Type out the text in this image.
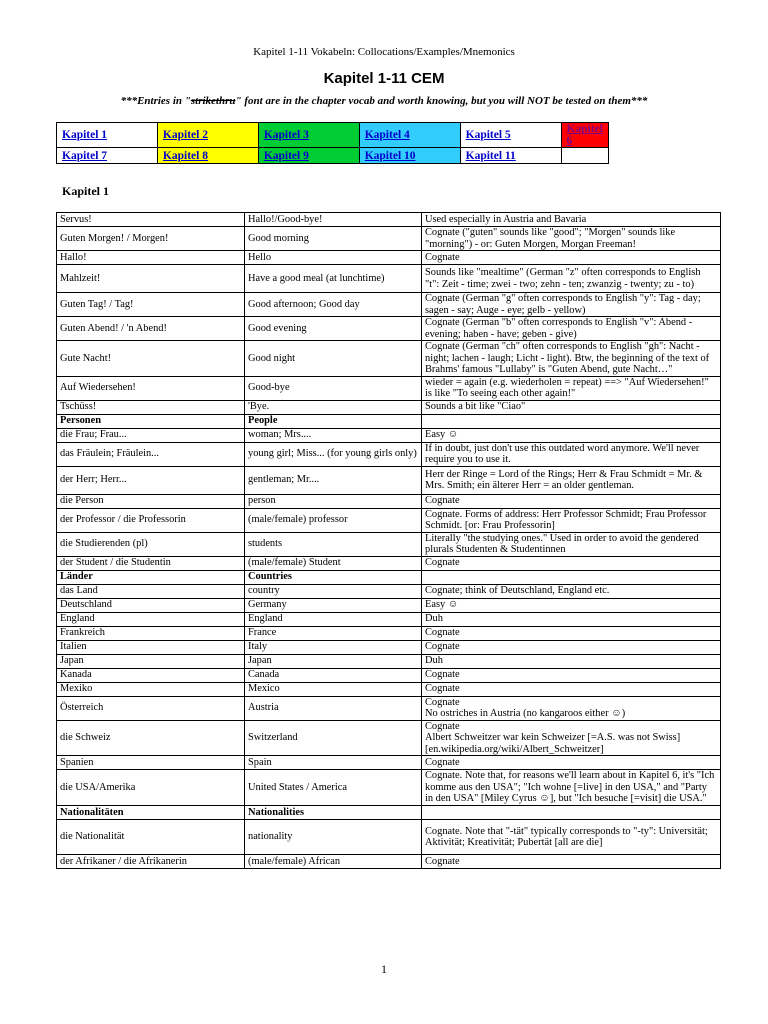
Kapitel 1-11 Vokabeln: Collocations/Examples/Mnemonics
Kapitel 1-11 CEM
***Entries in "strikethru" font are in the chapter vocab and worth knowing, but you will NOT be tested on them***
Kapitel 1	Kapitel 2	Kapitel 3	Kapitel 4	Kapitel 5	Kapitel 6
Kapitel 7	Kapitel 8	Kapitel 9	Kapitel 10	Kapitel 11	
Kapitel 1
Servus!	Hallo!/Good-bye!	Used especially in Austria and Bavaria
Guten Morgen! / Morgen!	Good morning	Cognate ("guten" sounds like "good"; "Morgen" sounds like "morning") - or: Guten Morgen, Morgan Freeman!
Hallo!	Hello	Cognate
Mahlzeit!	Have a good meal (at lunchtime)	Sounds like "mealtime" (German "z" often corresponds to English "t": Zeit - time; zwei - two; zehn - ten; zwanzig - twenty; zu - to)
Guten Tag! / Tag!	Good afternoon; Good day	Cognate (German "g" often corresponds to English "y": Tag - day; sagen - say; Auge - eye; gelb - yellow)
Guten Abend! / 'n Abend!	Good evening	Cognate (German "b" often corresponds to English "v": Abend - evening; haben - have; geben - give)
Gute Nacht!	Good night	Cognate (German "ch" often corresponds to English "gh": Nacht - night; lachen - laugh; Licht - light). Btw, the beginning of the text of Brahms' famous "Lullaby" is "Guten Abend, gute Nacht…"
Auf Wiedersehen!	Good-bye	wieder = again (e.g. wiederholen = repeat) ==> "Auf Wiedersehen!" is like "To seeing each other again!"
Tschüss!	'Bye.	Sounds a bit like "Ciao"
Personen	People	
die Frau; Frau...	woman; Mrs....	Easy ☺
das Fräulein; Fräulein...	young girl; Miss... (for young girls only)	If in doubt, just don't use this outdated word anymore. We'll never require you to use it.
der Herr; Herr...	gentleman; Mr....	Herr der Ringe = Lord of the Rings; Herr & Frau Schmidt = Mr. & Mrs. Smith; ein älterer Herr = an older gentleman.
die Person	person	Cognate
der Professor / die Professorin	(male/female) professor	Cognate. Forms of address: Herr Professor Schmidt; Frau Professor Schmidt. [or: Frau Professorin]
die Studierenden (pl)	students	Literally "the studying ones." Used in order to avoid the gendered plurals Studenten & Studentinnen
der Student / die Studentin	(male/female) Student	Cognate
Länder	Countries	
das Land	country	Cognate; think of Deutschland, England etc.
Deutschland	Germany	Easy ☺
England	England	Duh
Frankreich	France	Cognate
Italien	Italy	Cognate
Japan	Japan	Duh
Kanada	Canada	Cognate
Mexiko	Mexico	Cognate
Österreich	Austria	Cognate
No ostriches in Austria (no kangaroos either ☺)
die Schweiz	Switzerland	Cognate
Albert Schweitzer war kein Schweizer [=A.S. was not Swiss] [en.wikipedia.org/wiki/Albert_Schweitzer]
Spanien	Spain	Cognate
die USA/Amerika	United States / America	Cognate. Note that, for reasons we'll learn about in Kapitel 6, it's "Ich komme aus den USA"; "Ich wohne [=live] in den USA," and "Party in den USA" [Miley Cyrus ☺], but "Ich besuche [=visit] die USA."
Nationalitäten	Nationalities	
die Nationalität	nationality	Cognate. Note that "-tät" typically corresponds to "-ty": Universität; Aktivität; Kreativität; Pubertät [all are die]
der Afrikaner / die Afrikanerin	(male/female) African	Cognate
1
